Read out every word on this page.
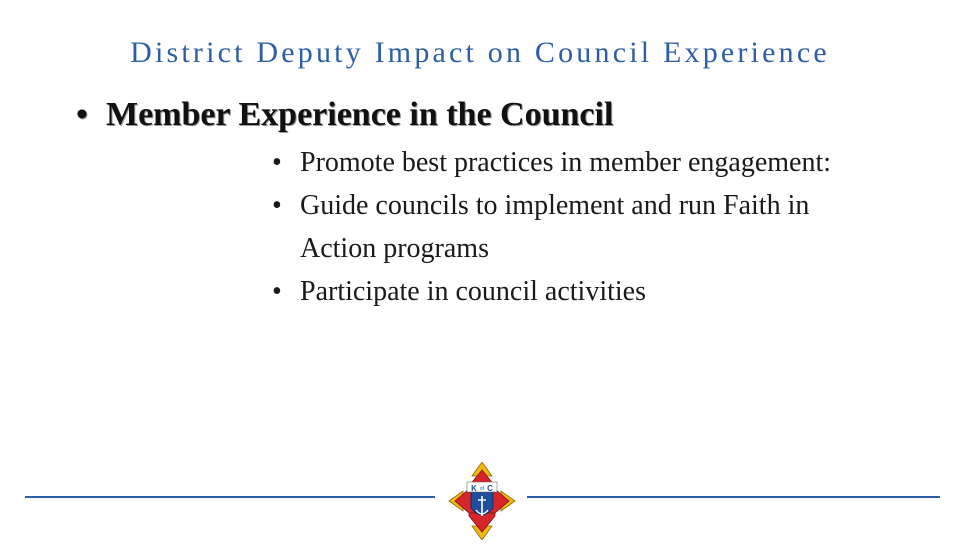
District Deputy Impact on Council Experience
• Member Experience in the Council
• Promote best practices in member engagement:
• Guide councils to implement and run Faith in Action programs
• Participate in council activities
K of C
